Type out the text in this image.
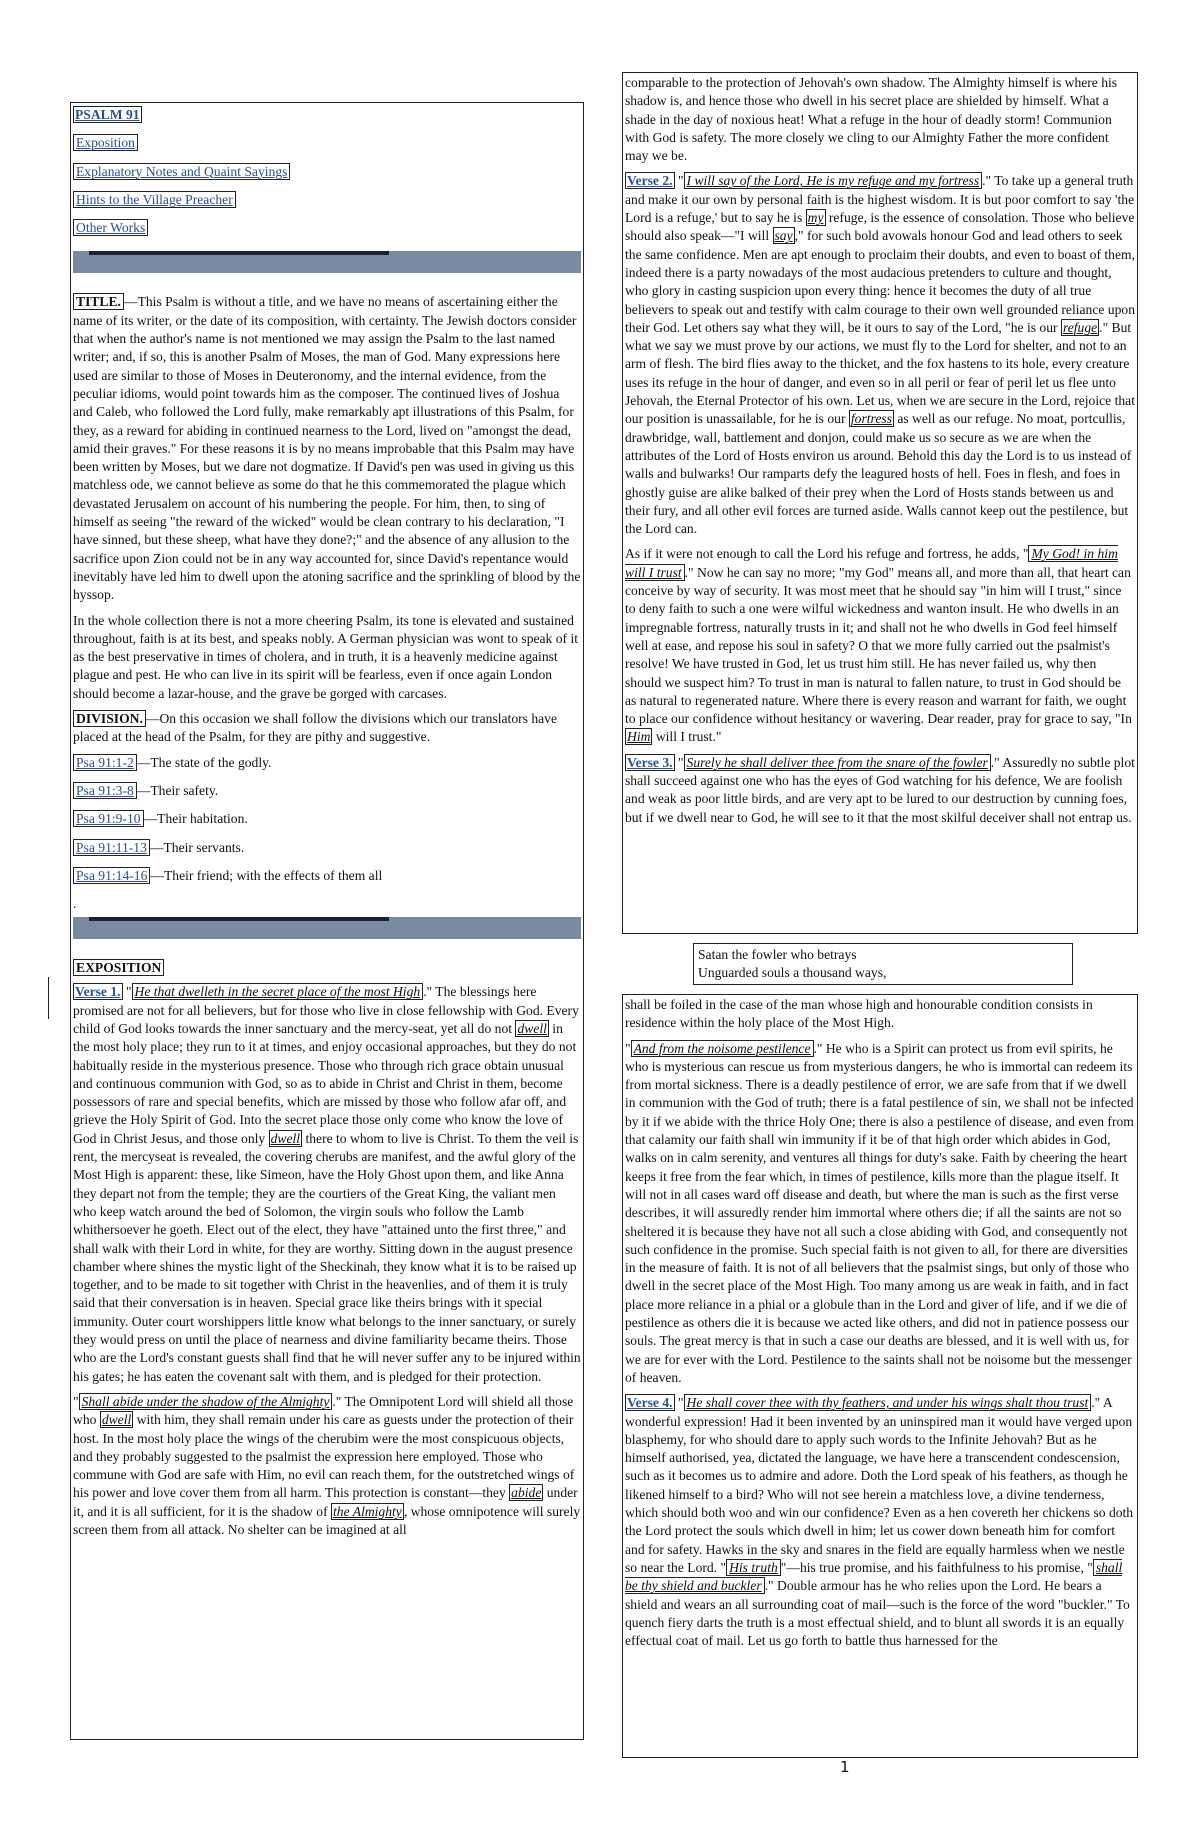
PSALM 91
Exposition
Explanatory Notes and Quaint Sayings
Hints to the Village Preacher
Other Works

TITLE. —This Psalm is without a title, and we have no means of ascertaining either the name of its writer, or the date of its composition, with certainty. The Jewish doctors consider that when the author's name is not mentioned we may assign the Psalm to the last named writer; and, if so, this is another Psalm of Moses, the man of God. Many expressions here used are similar to those of Moses in Deuteronomy, and the internal evidence, from the peculiar idioms, would point towards him as the composer. The continued lives of Joshua and Caleb, who followed the Lord fully, make remarkably apt illustrations of this Psalm, for they, as a reward for abiding in continued nearness to the Lord, lived on "amongst the dead, amid their graves." For these reasons it is by no means improbable that this Psalm may have been written by Moses, but we dare not dogmatize. If David's pen was used in giving us this matchless ode, we cannot believe as some do that he this commemorated the plague which devastated Jerusalem on account of his numbering the people. For him, then, to sing of himself as seeing "the reward of the wicked" would be clean contrary to his declaration, "I have sinned, but these sheep, what have they done?;" and the absence of any allusion to the sacrifice upon Zion could not be in any way accounted for, since David's repentance would inevitably have led him to dwell upon the atoning sacrifice and the sprinkling of blood by the hyssop.

In the whole collection there is not a more cheering Psalm, its tone is elevated and sustained throughout, faith is at its best, and speaks nobly. A German physician was wont to speak of it as the best preservative in times of cholera, and in truth, it is a heavenly medicine against plague and pest. He who can live in its spirit will be fearless, even if once again London should become a lazar-house, and the grave be gorged with carcases.

DIVISION. —On this occasion we shall follow the divisions which our translators have placed at the head of the Psalm, for they are pithy and suggestive.

Psa 91:1-2 —The state of the godly.
Psa 91:3-8 —Their safety.
Psa 91:9-10 —Their habitation.
Psa 91:11-13 —Their servants.
Psa 91:14-16 —Their friend; with the effects of them all
.

EXPOSITION

Verse 1. " He that dwelleth in the secret place of the most High ." The blessings here promised are not for all believers, but for those who live in close fellowship with God. Every child of God looks towards the inner sanctuary and the mercy-seat, yet all do not dwell in the most holy place; they run to it at times, and enjoy occasional approaches, but they do not habitually reside in the mysterious presence. Those who through rich grace obtain unusual and continuous communion with God, so as to abide in Christ and Christ in them, become possessors of rare and special benefits, which are missed by those who follow afar off, and grieve the Holy Spirit of God. Into the secret place those only come who know the love of God in Christ Jesus, and those only dwell there to whom to live is Christ. To them the veil is rent, the mercyseat is revealed, the covering cherubs are manifest, and the awful glory of the Most High is apparent: these, like Simeon, have the Holy Ghost upon them, and like Anna they depart not from the temple; they are the courtiers of the Great King, the valiant men who keep watch around the bed of Solomon, the virgin souls who follow the Lamb whithersoever he goeth. Elect out of the elect, they have "attained unto the first three," and shall walk with their Lord in white, for they are worthy. Sitting down in the august presence chamber where shines the mystic light of the Sheckinah, they know what it is to be raised up together, and to be made to sit together with Christ in the heavenlies, and of them it is truly said that their conversation is in heaven. Special grace like theirs brings with it special immunity. Outer court worshippers little know what belongs to the inner sanctuary, or surely they would press on until the place of nearness and divine familiarity became theirs. Those who are the Lord's constant guests shall find that he will never suffer any to be injured within his gates; he has eaten the covenant salt with them, and is pledged for their protection.

" Shall abide under the shadow of the Almighty ." The Omnipotent Lord will shield all those who dwell with him, they shall remain under his care as guests under the protection of their host. In the most holy place the wings of the cherubim were the most conspicuous objects, and they probably suggested to the psalmist the expression here employed. Those who commune with God are safe with Him, no evil can reach them, for the outstretched wings of his power and love cover them from all harm. This protection is constant—they abide under it, and it is all sufficient, for it is the shadow of the Almighty , whose omnipotence will surely screen them from all attack. No shelter can be imagined at all

comparable to the protection of Jehovah's own shadow. The Almighty himself is where his shadow is, and hence those who dwell in his secret place are shielded by himself. What a shade in the day of noxious heat! What a refuge in the hour of deadly storm! Communion with God is safety. The more closely we cling to our Almighty Father the more confident may we be.

Verse 2. " I will say of the Lord, He is my refuge and my fortress ." To take up a general truth and make it our own by personal faith is the highest wisdom. It is but poor comfort to say 'the Lord is a refuge,' but to say he is my refuge, is the essence of consolation. Those who believe should also speak—"I will say ," for such bold avowals honour God and lead others to seek the same confidence. Men are apt enough to proclaim their doubts, and even to boast of them, indeed there is a party nowadays of the most audacious pretenders to culture and thought, who glory in casting suspicion upon every thing: hence it becomes the duty of all true believers to speak out and testify with calm courage to their own well grounded reliance upon their God. Let others say what they will, be it ours to say of the Lord, "he is our refuge ." But what we say we must prove by our actions, we must fly to the Lord for shelter, and not to an arm of flesh. The bird flies away to the thicket, and the fox hastens to its hole, every creature uses its refuge in the hour of danger, and even so in all peril or fear of peril let us flee unto Jehovah, the Eternal Protector of his own. Let us, when we are secure in the Lord, rejoice that our position is unassailable, for he is our fortress as well as our refuge. No moat, portcullis, drawbridge, wall, battlement and donjon, could make us so secure as we are when the attributes of the Lord of Hosts environ us around. Behold this day the Lord is to us instead of walls and bulwarks! Our ramparts defy the leagured hosts of hell. Foes in flesh, and foes in ghostly guise are alike balked of their prey when the Lord of Hosts stands between us and their fury, and all other evil forces are turned aside. Walls cannot keep out the pestilence, but the Lord can.

As if it were not enough to call the Lord his refuge and fortress, he adds, " My God! in him will I trust ." Now he can say no more; "my God" means all, and more than all, that heart can conceive by way of security. It was most meet that he should say "in him will I trust," since to deny faith to such a one were wilful wickedness and wanton insult. He who dwells in an impregnable fortress, naturally trusts in it; and shall not he who dwells in God feel himself well at ease, and repose his soul in safety? O that we more fully carried out the psalmist's resolve! We have trusted in God, let us trust him still. He has never failed us, why then should we suspect him? To trust in man is natural to fallen nature, to trust in God should be as natural to regenerated nature. Where there is every reason and warrant for faith, we ought to place our confidence without hesitancy or wavering. Dear reader, pray for grace to say, "In Him will I trust."

Verse 3. " Surely he shall deliver thee from the snare of the fowler ." Assuredly no subtle plot shall succeed against one who has the eyes of God watching for his defence, We are foolish and weak as poor little birds, and are very apt to be lured to our destruction by cunning foes, but if we dwell near to God, he will see to it that the most skilful deceiver shall not entrap us.

Satan the fowler who betrays
Unguarded souls a thousand ways,

shall be foiled in the case of the man whose high and honourable condition consists in residence within the holy place of the Most High.

" And from the noisome pestilence ." He who is a Spirit can protect us from evil spirits, he who is mysterious can rescue us from mysterious dangers, he who is immortal can redeem its from mortal sickness. There is a deadly pestilence of error, we are safe from that if we dwell in communion with the God of truth; there is a fatal pestilence of sin, we shall not be infected by it if we abide with the thrice Holy One; there is also a pestilence of disease, and even from that calamity our faith shall win immunity if it be of that high order which abides in God, walks on in calm serenity, and ventures all things for duty's sake. Faith by cheering the heart keeps it free from the fear which, in times of pestilence, kills more than the plague itself. It will not in all cases ward off disease and death, but where the man is such as the first verse describes, it will assuredly render him immortal where others die; if all the saints are not so sheltered it is because they have not all such a close abiding with God, and consequently not such confidence in the promise. Such special faith is not given to all, for there are diversities in the measure of faith. It is not of all believers that the psalmist sings, but only of those who dwell in the secret place of the Most High. Too many among us are weak in faith, and in fact place more reliance in a phial or a globule than in the Lord and giver of life, and if we die of pestilence as others die it is because we acted like others, and did not in patience possess our souls. The great mercy is that in such a case our deaths are blessed, and it is well with us, for we are for ever with the Lord. Pestilence to the saints shall not be noisome but the messenger of heaven.

Verse 4. " He shall cover thee with thy feathers, and under his wings shalt thou trust ." A wonderful expression! Had it been invented by an uninspired man it would have verged upon blasphemy, for who should dare to apply such words to the Infinite Jehovah? But as he himself authorised, yea, dictated the language, we have here a transcendent condescension, such as it becomes us to admire and adore. Doth the Lord speak of his feathers, as though he likened himself to a bird? Who will not see herein a matchless love, a divine tenderness, which should both woo and win our confidence? Even as a hen covereth her chickens so doth the Lord protect the souls which dwell in him; let us cower down beneath him for comfort and for safety. Hawks in the sky and snares in the field are equally harmless when we nestle so near the Lord. " His truth "—his true promise, and his faithfulness to his promise, " shall be thy shield and buckler ." Double armour has he who relies upon the Lord. He bears a shield and wears an all surrounding coat of mail—such is the force of the word "buckler." To quench fiery darts the truth is a most effectual shield, and to blunt all swords it is an equally effectual coat of mail. Let us go forth to battle thus harnessed for the

1
